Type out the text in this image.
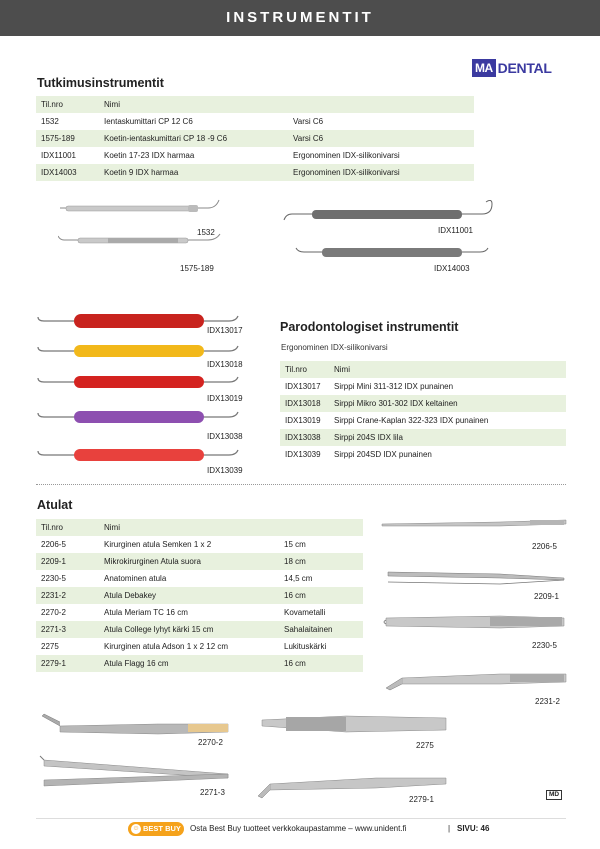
INSTRUMENTIT
MA DENTAL
Tutkimusinstrumentit
Til.nro	Nimi
1532	Ientaskumittari CP 12 C6	Varsi C6
1575-189	Koetin-ientaskumittari CP 18 -9 C6	Varsi C6
IDX11001	Koetin 17-23 IDX harmaa	Ergonominen IDX-silikonivarsi
IDX14003	Koetin 9 IDX harmaa	Ergonominen IDX-silikonivarsi
1532
1575-189
IDX11001
IDX14003
IDX13017
IDX13018
IDX13019
IDX13038
IDX13039
Parodontologiset instrumentit
Ergonominen IDX-silikonivarsi
Til.nro	Nimi
IDX13017 Sirppi Mini 311-312 IDX punainen
IDX13018 Sirppi Mikro 301-302 IDX keltainen
IDX13019 Sirppi Crane-Kaplan 322-323 IDX punainen
IDX13038 Sirppi 204S IDX lila
IDX13039 Sirppi 204SD IDX punainen
Atulat
Til.nro	Nimi
2206-5	Kirurginen atula Semken 1 x 2	15 cm
2209-1	Mikrokirurginen Atula suora	18 cm
2230-5	Anatominen atula	14,5 cm
2231-2	Atula Debakey	16 cm
2270-2	Atula Meriam TC 16 cm	Kovametalli
2271-3	Atula College lyhyt kärki 15 cm	Sahalaitainen
2275	Kirurginen atula Adson 1 x 2 12 cm	Lukituskärki
2279-1	Atula Flagg 16 cm	16 cm
2206-5
2209-1
2230-5
2231-2
2270-2
2271-3
2275
2279-1
MD
☺ BEST BUY	Osta Best Buy tuotteet verkkokaupastamme – www.unident.fi	| SIVU: 46
